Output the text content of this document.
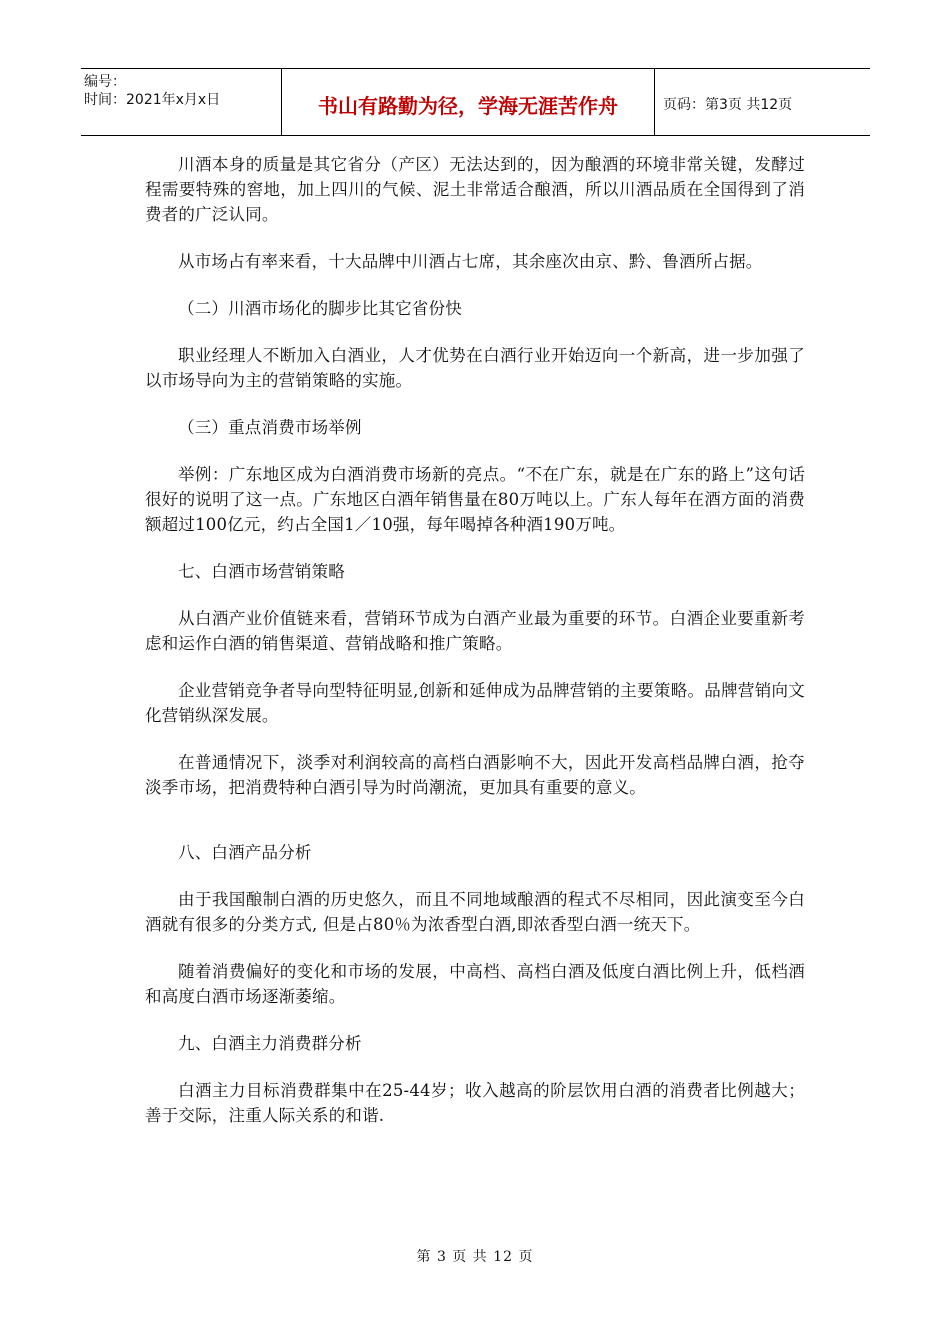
编号：
时间：2021年x月x日	书山有路勤为径，学海无涯苦作舟	页码：第3页 共12页

川酒本身的质量是其它省分（产区）无法达到的，因为酿酒的环境非常关键，发酵过程需要特殊的窖地，加上四川的气候、泥土非常适合酿酒，所以川酒品质在全国得到了消费者的广泛认同。

从市场占有率来看，十大品牌中川酒占七席，其余座次由京、黔、鲁酒所占据。

（二）川酒市场化的脚步比其它省份快

职业经理人不断加入白酒业，人才优势在白酒行业开始迈向一个新高，进一步加强了以市场导向为主的营销策略的实施。

（三）重点消费市场举例

举例：广东地区成为白酒消费市场新的亮点。“不在广东，就是在广东的路上”这句话很好的说明了这一点。广东地区白酒年销售量在80万吨以上。广东人每年在酒方面的消费额超过100亿元，约占全国1／10强，每年喝掉各种酒190万吨。

七、白酒市场营销策略

从白酒产业价值链来看，营销环节成为白酒产业最为重要的环节。白酒企业要重新考虑和运作白酒的销售渠道、营销战略和推广策略。

企业营销竞争者导向型特征明显,创新和延伸成为品牌营销的主要策略。品牌营销向文化营销纵深发展。

在普通情况下，淡季对利润较高的高档白酒影响不大，因此开发高档品牌白酒，抢夺淡季市场，把消费特种白酒引导为时尚潮流，更加具有重要的意义。

八、白酒产品分析

由于我国酿制白酒的历史悠久，而且不同地域酿酒的程式不尽相同，因此演变至今白酒就有很多的分类方式, 但是占80％为浓香型白酒,即浓香型白酒一统天下。

随着消费偏好的变化和市场的发展，中高档、高档白酒及低度白酒比例上升，低档酒和高度白酒市场逐渐萎缩。

九、白酒主力消费群分析

白酒主力目标消费群集中在25-44岁；收入越高的阶层饮用白酒的消费者比例越大；善于交际，注重人际关系的和谐.

第 3 页 共 12 页
